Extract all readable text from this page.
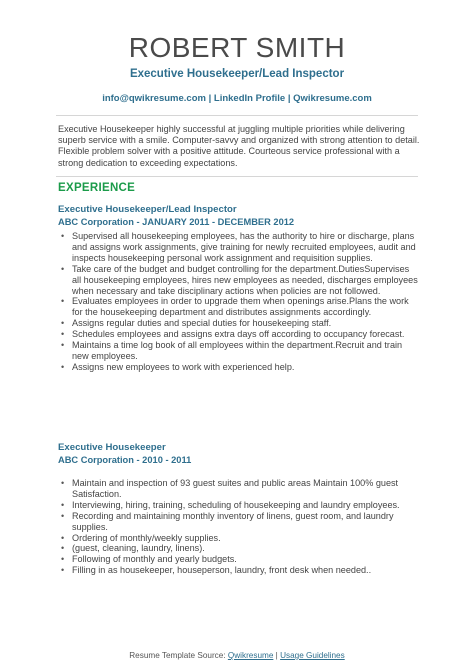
ROBERT SMITH
Executive Housekeeper/Lead Inspector
info@qwikresume.com | LinkedIn Profile | Qwikresume.com
Executive Housekeeper highly successful at juggling multiple priorities while delivering superb service with a smile. Computer-savvy and organized with strong attention to detail. Flexible problem solver with a positive attitude. Courteous service professional with a strong dedication to exceeding expectations.
EXPERIENCE
Executive Housekeeper/Lead Inspector
ABC Corporation - JANUARY 2011 - DECEMBER 2012
• Supervised all housekeeping employees, has the authority to hire or discharge, plans and assigns work assignments, give training for newly recruited employees, audit and inspects housekeeping personal work assignment and requisition supplies.
• Take care of the budget and budget controlling for the department.DutiesSupervises all housekeeping employees, hires new employees as needed, discharges employees when necessary and take disciplinary actions when policies are not followed.
• Evaluates employees in order to upgrade them when openings arise.Plans the work for the housekeeping department and distributes assignments accordingly.
• Assigns regular duties and special duties for housekeeping staff.
• Schedules employees and assigns extra days off according to occupancy forecast.
• Maintains a time log book of all employees within the department.Recruit and train new employees.
• Assigns new employees to work with experienced help.
Executive Housekeeper
ABC Corporation - 2010 - 2011
• Maintain and inspection of 93 guest suites and public areas Maintain 100% guest Satisfaction.
• Interviewing, hiring, training, scheduling of housekeeping and laundry employees.
• Recording and maintaining monthly inventory of linens, guest room, and laundry supplies.
• Ordering of monthly/weekly supplies.
• (guest, cleaning, laundry, linens).
• Following of monthly and yearly budgets.
• Filling in as housekeeper, houseperson, laundry, front desk when needed..
Resume Template Source: Qwikresume | Usage Guidelines
